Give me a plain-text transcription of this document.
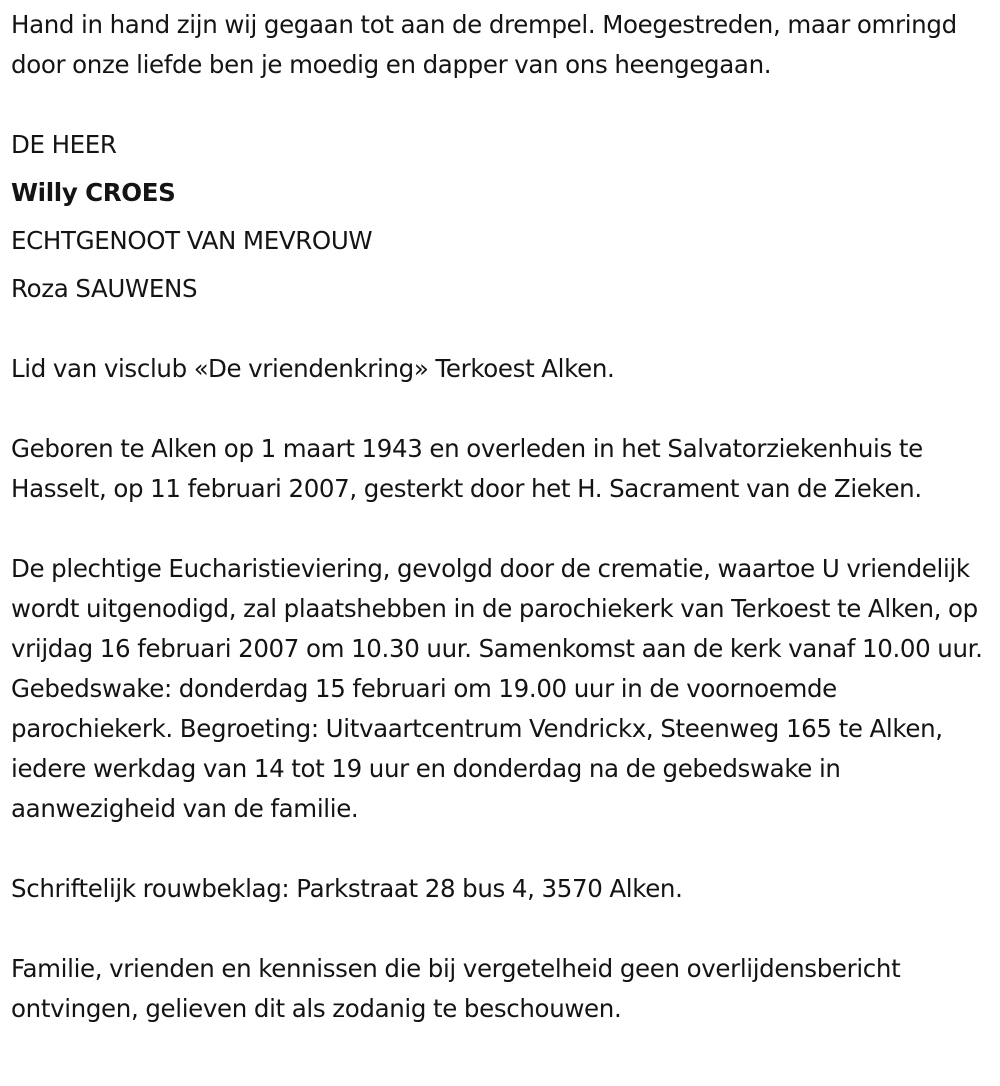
Hand in hand zijn wij gegaan tot aan de drempel. Moegestreden, maar omringd door onze liefde ben je moedig en dapper van ons heengegaan.

DE HEER

Willy CROES

ECHTGENOOT VAN MEVROUW

Roza SAUWENS

Lid van visclub «De vriendenkring» Terkoest Alken.

Geboren te Alken op 1 maart 1943 en overleden in het Salvatorziekenhuis te Hasselt, op 11 februari 2007, gesterkt door het H. Sacrament van de Zieken.

De plechtige Eucharistieviering, gevolgd door de crematie, waartoe U vriendelijk wordt uitgenodigd, zal plaatshebben in de parochiekerk van Terkoest te Alken, op vrijdag 16 februari 2007 om 10.30 uur. Samenkomst aan de kerk vanaf 10.00 uur. Gebedswake: donderdag 15 februari om 19.00 uur in de voornoemde parochiekerk. Begroeting: Uitvaartcentrum Vendrickx, Steenweg 165 te Alken, iedere werkdag van 14 tot 19 uur en donderdag na de gebedswake in aanwezigheid van de familie.

Schriftelijk rouwbeklag: Parkstraat 28 bus 4, 3570 Alken.

Familie, vrienden en kennissen die bij vergetelheid geen overlijdensbericht ontvingen, gelieven dit als zodanig te beschouwen.
